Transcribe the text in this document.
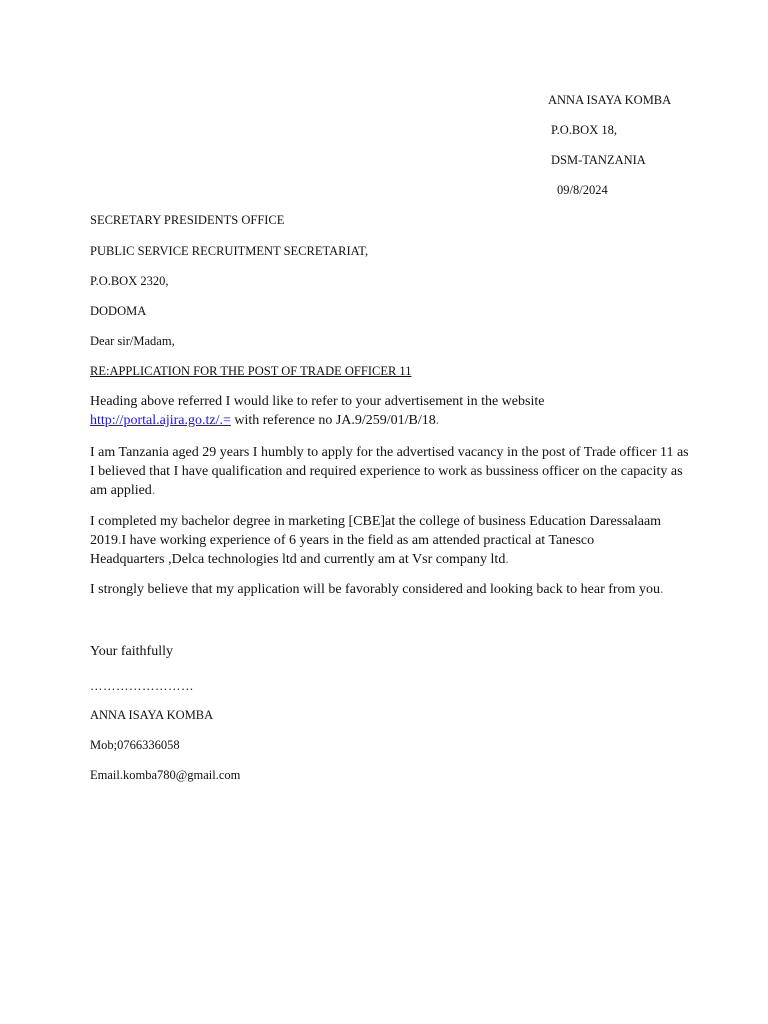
ANNA ISAYA KOMBA

P.O.BOX 18,

DSM-TANZANIA

09/8/2024

SECRETARY PRESIDENTS OFFICE

PUBLIC SERVICE RECRUITMENT SECRETARIAT,

P.O.BOX 2320,

DODOMA

Dear sir/Madam,

RE:APPLICATION FOR THE POST OF TRADE OFFICER 11

Heading above referred I would like to refer to your advertisement in the website
http://portal.ajira.go.tz/.= with reference no JA.9/259/01/B/18.

I am Tanzania aged 29 years I humbly to apply for the advertised vacancy in the post of Trade officer 11 as I believed that I have qualification and required experience to work as bussiness officer on the capacity as am applied.

I completed my bachelor degree in marketing [CBE]at the college of business Education Daressalaam 2019.I have working experience of 6 years in the field as am attended practical at Tanesco Headquarters ,Delca technologies ltd and currently am at Vsr company ltd.

I strongly believe that my application will be favorably considered and looking back to hear from you.

Your faithfully

……………………

ANNA ISAYA KOMBA

Mob;0766336058

Email.komba780@gmail.com
